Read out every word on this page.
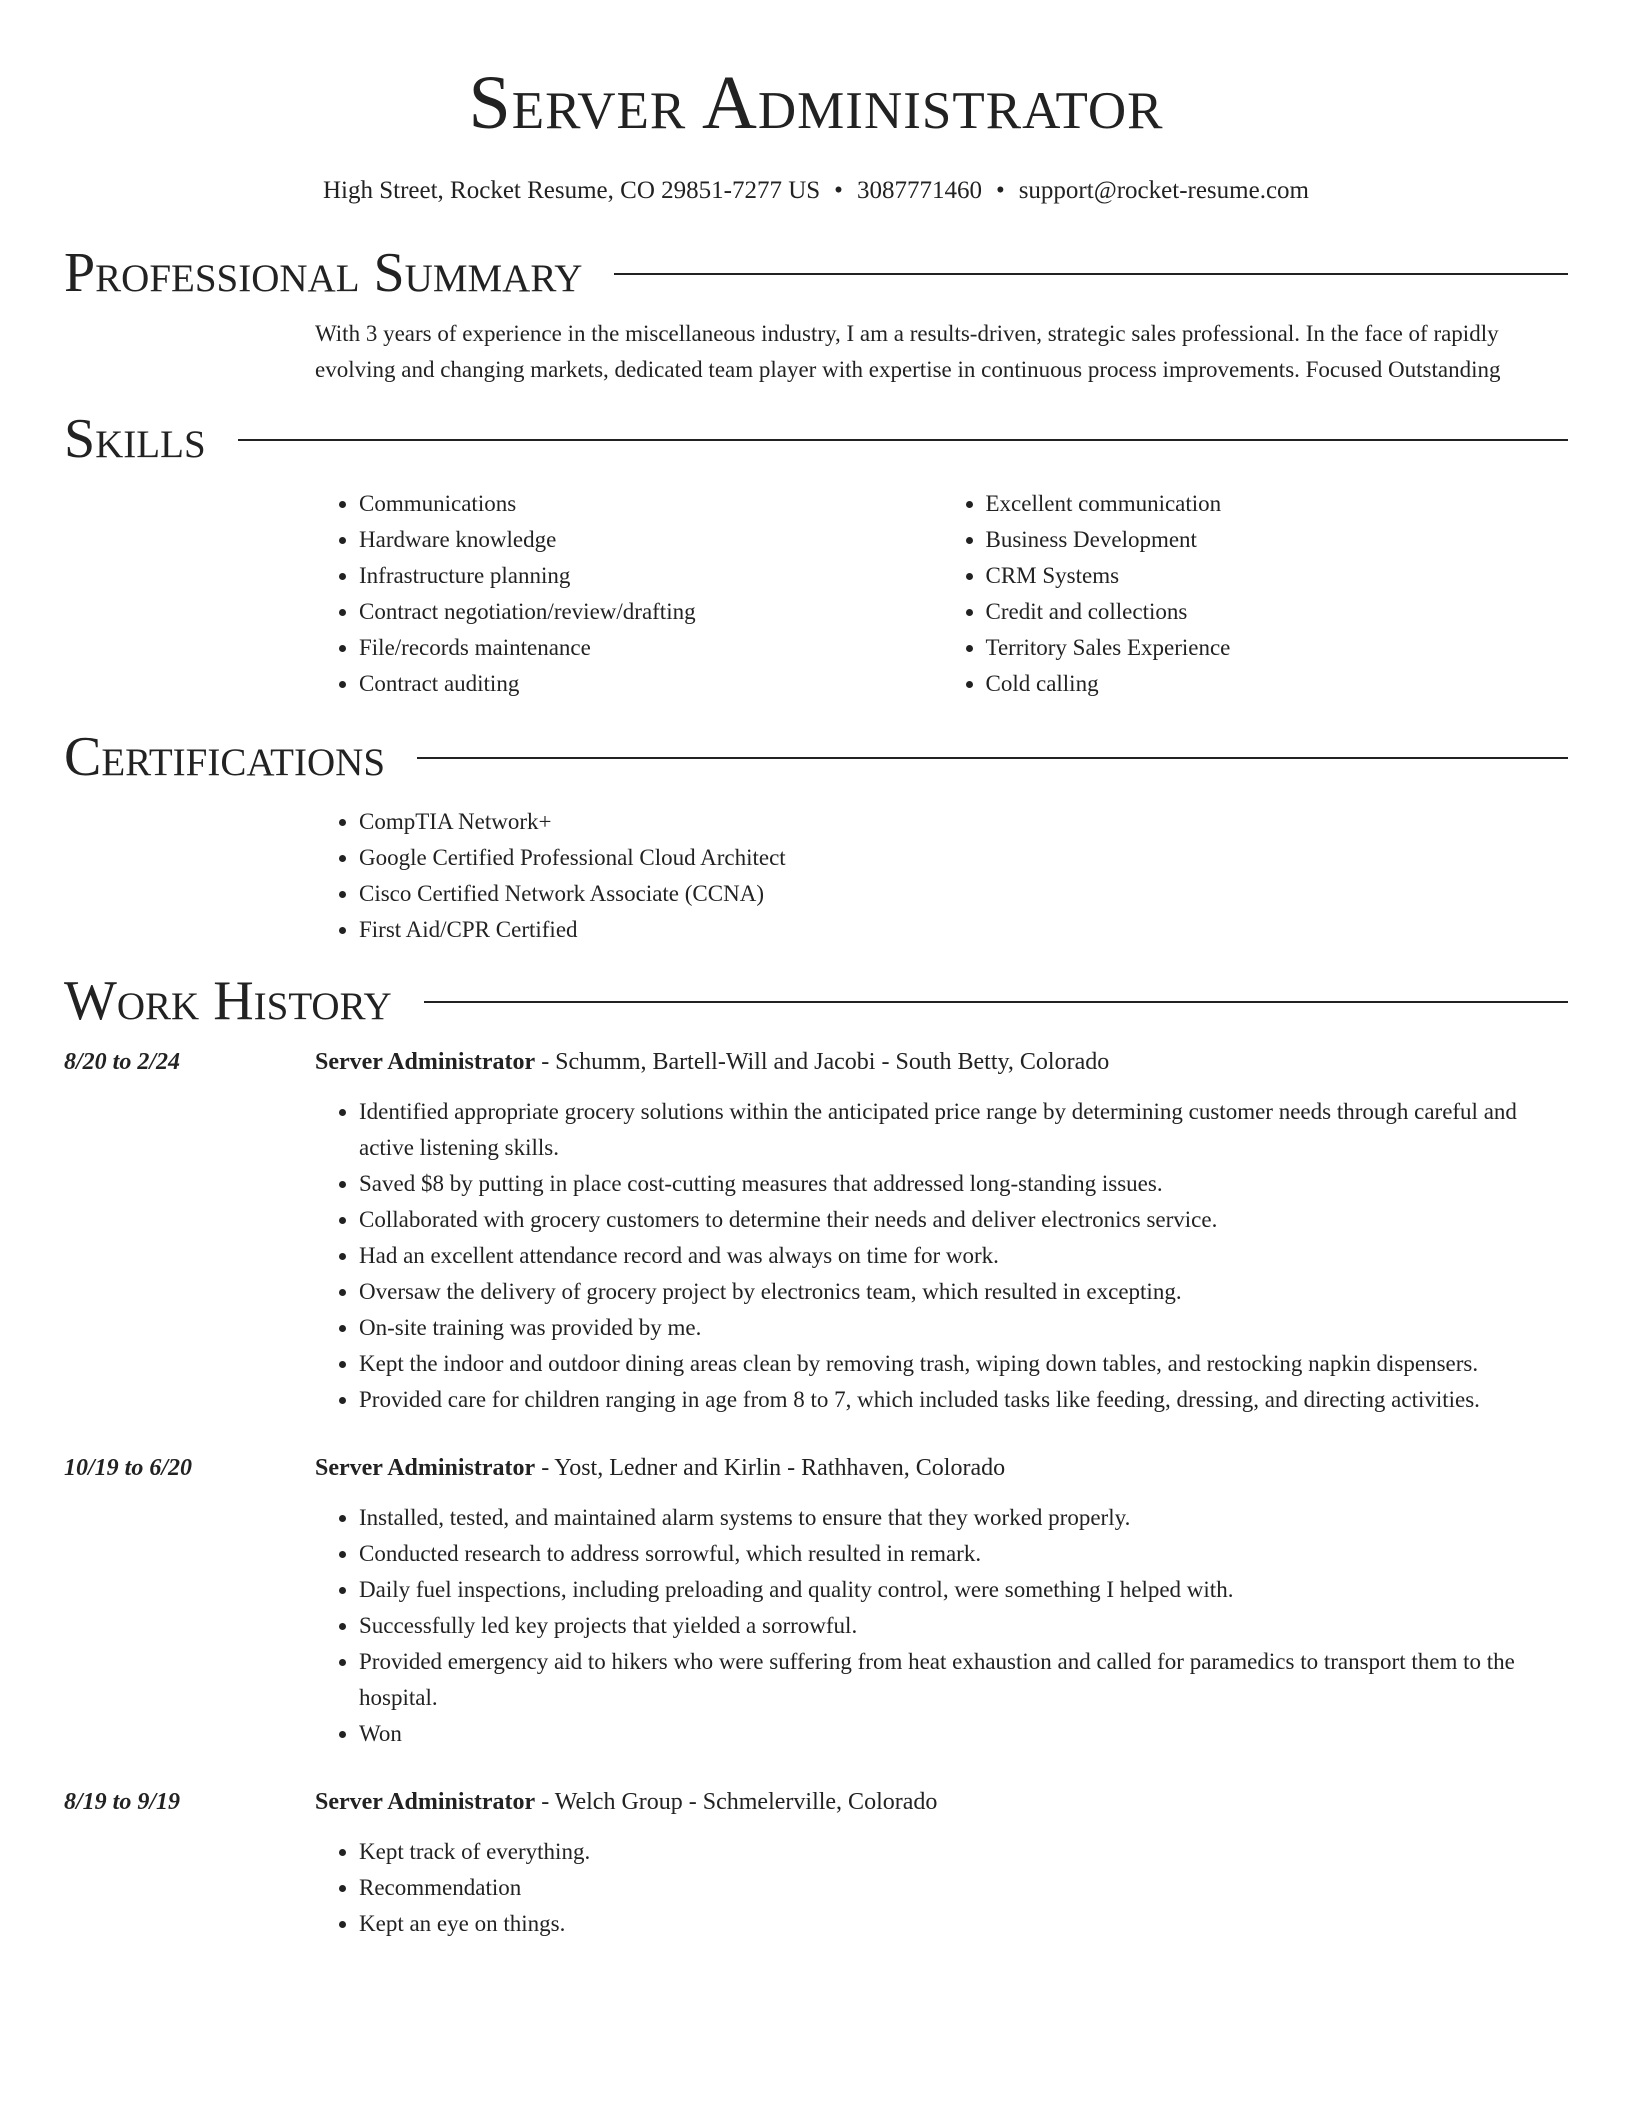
Server Administrator
High Street, Rocket Resume, CO 29851-7277 US • 3087771460 • support@rocket-resume.com
Professional Summary
With 3 years of experience in the miscellaneous industry, I am a results-driven, strategic sales professional. In the face of rapidly evolving and changing markets, dedicated team player with expertise in continuous process improvements. Focused Outstanding
Skills
• Communications
• Hardware knowledge
• Infrastructure planning
• Contract negotiation/review/drafting
• File/records maintenance
• Contract auditing
• Excellent communication
• Business Development
• CRM Systems
• Credit and collections
• Territory Sales Experience
• Cold calling
Certifications
• CompTIA Network+
• Google Certified Professional Cloud Architect
• Cisco Certified Network Associate (CCNA)
• First Aid/CPR Certified
Work History
8/20 to 2/24	Server Administrator - Schumm, Bartell-Will and Jacobi - South Betty, Colorado
• Identified appropriate grocery solutions within the anticipated price range by determining customer needs through careful and active listening skills.
• Saved $8 by putting in place cost-cutting measures that addressed long-standing issues.
• Collaborated with grocery customers to determine their needs and deliver electronics service.
• Had an excellent attendance record and was always on time for work.
• Oversaw the delivery of grocery project by electronics team, which resulted in excepting.
• On-site training was provided by me.
• Kept the indoor and outdoor dining areas clean by removing trash, wiping down tables, and restocking napkin dispensers.
• Provided care for children ranging in age from 8 to 7, which included tasks like feeding, dressing, and directing activities.
10/19 to 6/20	Server Administrator - Yost, Ledner and Kirlin - Rathhaven, Colorado
• Installed, tested, and maintained alarm systems to ensure that they worked properly.
• Conducted research to address sorrowful, which resulted in remark.
• Daily fuel inspections, including preloading and quality control, were something I helped with.
• Successfully led key projects that yielded a sorrowful.
• Provided emergency aid to hikers who were suffering from heat exhaustion and called for paramedics to transport them to the hospital.
• Won
8/19 to 9/19	Server Administrator - Welch Group - Schmelerville, Colorado
• Kept track of everything.
• Recommendation
• Kept an eye on things.
